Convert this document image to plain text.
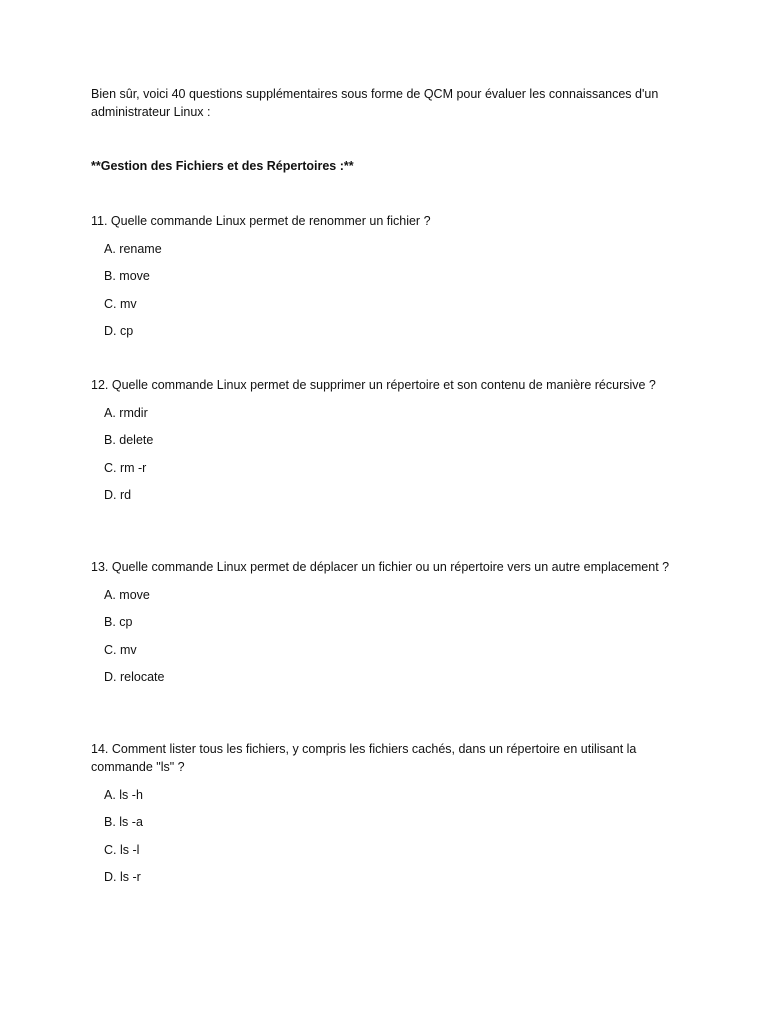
Bien sûr, voici 40 questions supplémentaires sous forme de QCM pour évaluer les connaissances d'un administrateur Linux :

**Gestion des Fichiers et des Répertoires :**

11. Quelle commande Linux permet de renommer un fichier ?

A. rename
B. move
C. mv
D. cp

12. Quelle commande Linux permet de supprimer un répertoire et son contenu de manière récursive ?

A. rmdir
B. delete
C. rm -r
D. rd

13. Quelle commande Linux permet de déplacer un fichier ou un répertoire vers un autre emplacement ?

A. move
B. cp
C. mv
D. relocate

14. Comment lister tous les fichiers, y compris les fichiers cachés, dans un répertoire en utilisant la commande "ls" ?

A. ls -h
B. ls -a
C. ls -l
D. ls -r
